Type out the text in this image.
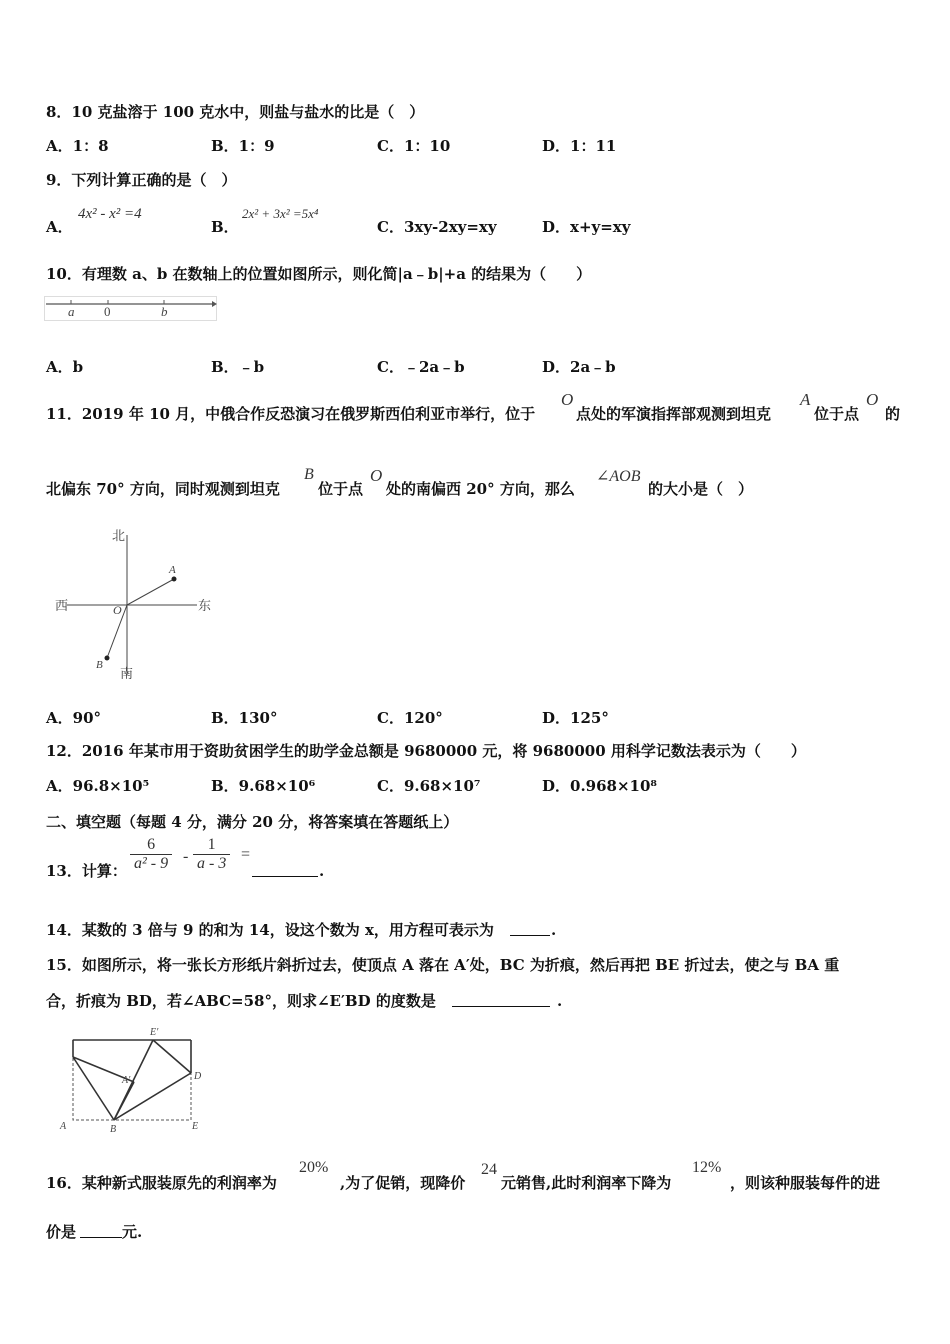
8．10 克盐溶于 100 克水中，则盐与盐水的比是（　）
A．1：8	B．1：9	C．1：10	D．1：11
9．下列计算正确的是（　）
A．
4x² - x² =4
B．
2x² + 3x² =5x⁴
C．3xy-2xy=xy	D．x+y=xy
10．有理数 a、b 在数轴上的位置如图所示，则化简|a﹣b|+a 的结果为（　　）
a 0	b
A．b	B．﹣b	C．﹣2a﹣b	D．2a﹣b
11．2019 年 10 月，中俄合作反恐演习在俄罗斯西伯利亚市举行，位于
O
点处的军演指挥部观测到坦克
A
位于点
O
的
北偏东 70° 方向，同时观测到坦克
B
位于点
O
处的南偏西 20° 方向，那么
∠AOB
的大小是（　）
北
南
西	东
O
A
B
A．90°	B．130°	C．120°	D．125°
12．2016 年某市用于资助贫困学生的助学金总额是 9680000 元，将 9680000 用科学记数法表示为（　　）
A．96.8×10⁵	B．9.68×10⁶	C．9.68×10⁷	D．0.968×10⁸
二、填空题（每题 4 分，满分 20 分，将答案填在答题纸上）
13．计算： $\frac{6}{\text{a² - 9}} - \frac{1}{a - 3}$ =
.
14．某数的 3 倍与 9 的和为 14，设这个数为 x，用方程可表示为	.
15．如图所示，将一张长方形纸片斜折过去，使顶点 A 落在 A′处，BC 为折痕，然后再把 BE 折过去，使之与 BA 重
合，折痕为 BD，若∠ABC=58°，则求∠E′BD 的度数是	.
A	B	E
D
E′
A′
16．某种新式服装原先的利润率为
20%
,为了促销，现降价
24
元销售,此时利润率下降为
12%
，则该种服装每件的进
价是	元.
